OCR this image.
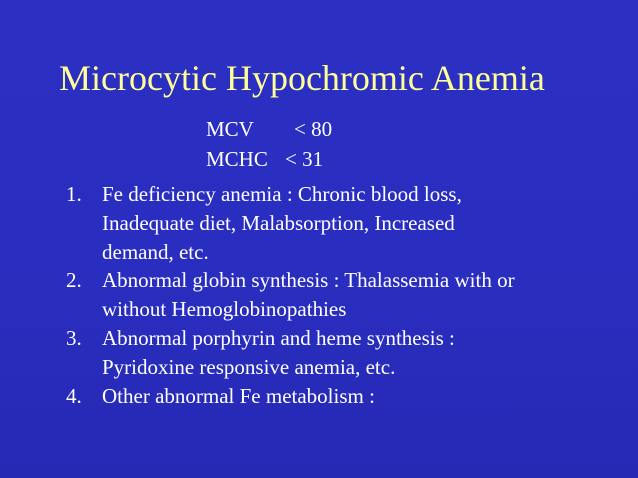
Microcytic Hypochromic Anemia
MCV	< 80
MCHC < 31
1. Fe deficiency anemia : Chronic blood loss,
Inadequate diet, Malabsorption, Increased
demand, etc.
2. Abnormal globin synthesis : Thalassemia with or
without Hemoglobinopathies
3. Abnormal porphyrin and heme synthesis :
Pyridoxine responsive anemia, etc.
4. Other abnormal Fe metabolism :
